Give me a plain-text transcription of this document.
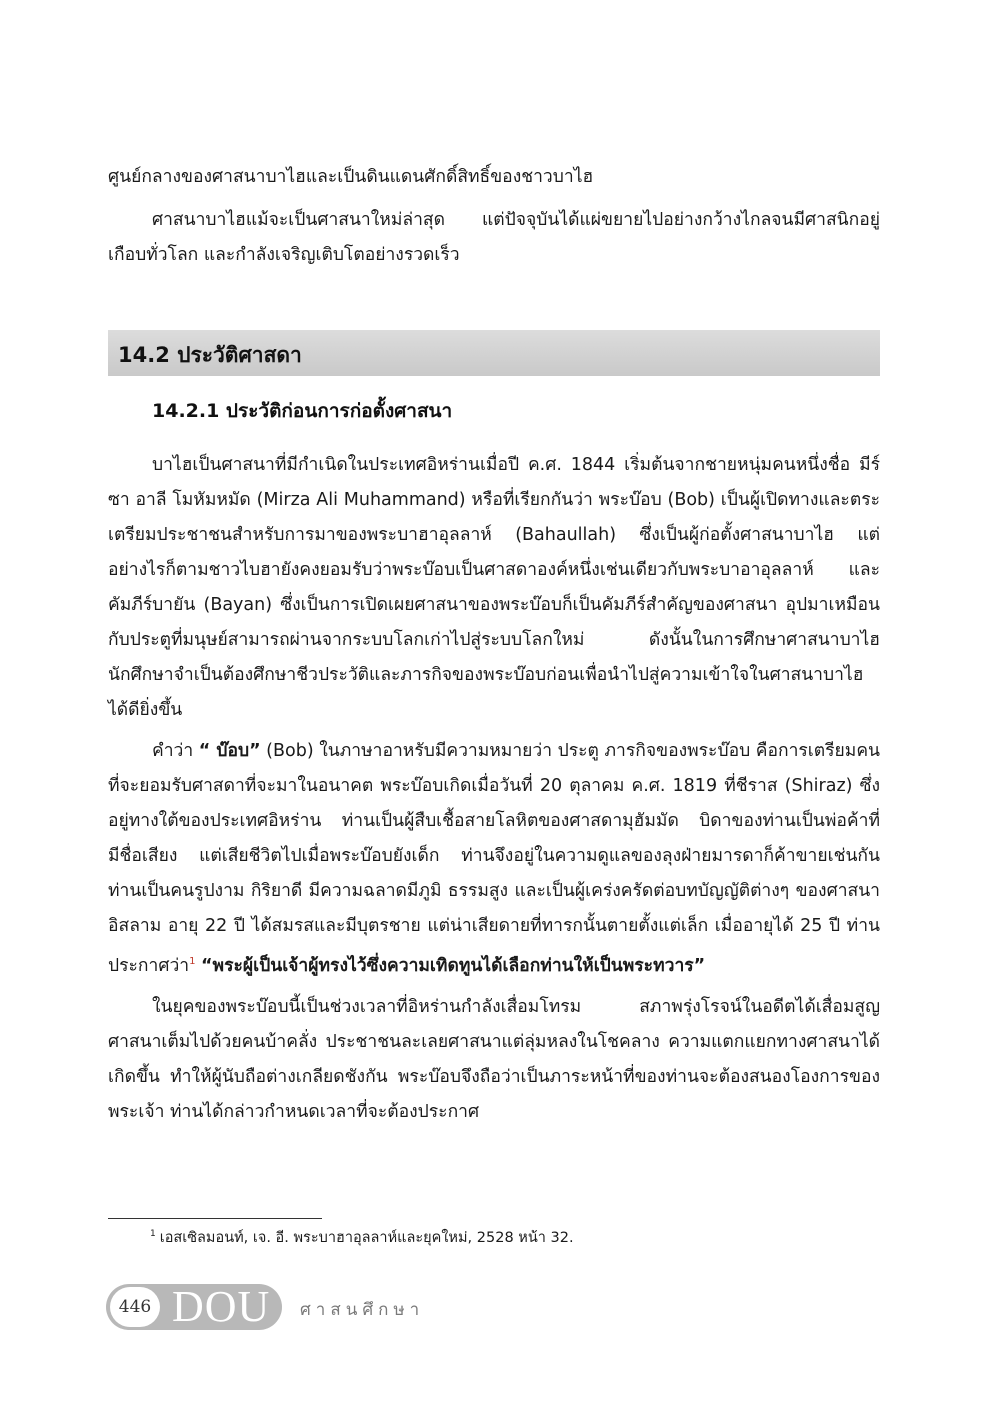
ศูนย์กลางของศาสนาบาไฮและเป็นดินแดนศักดิ์สิทธิ์ของชาวบาไฮ

ศาสนาบาไฮแม้จะเป็นศาสนาใหม่ล่าสุด แต่ปัจจุบันได้แผ่ขยายไปอย่างกว้างไกลจนมีศาสนิกอยู่เกือบทั่วโลก และกำลังเจริญเติบโตอย่างรวดเร็ว

14.2 ประวัติศาสดา
14.2.1 ประวัติก่อนการก่อตั้งศาสนา

บาไฮเป็นศาสนาที่มีกำเนิดในประเทศอิหร่านเมื่อปี ค.ศ. 1844 เริ่มต้นจากชายหนุ่มคนหนึ่งชื่อ มีร์ซา อาลี โมหัมหมัด (Mirza Ali Muhammand) หรือที่เรียกกันว่า พระบ๊อบ (Bob) เป็นผู้เปิดทางและตระเตรียมประชาชนสำหรับการมาของพระบาฮาอุลลาห์ (Bahaullah) ซึ่งเป็นผู้ก่อตั้งศาสนาบาไฮ แต่อย่างไรก็ตามชาวไบฮายังคงยอมรับว่าพระบ๊อบเป็นศาสดาองค์หนึ่งเช่นเดียวกับพระบาอาอุลลาห์ และคัมภีร์บายัน (Bayan) ซึ่งเป็นการเปิดเผยศาสนาของพระบ๊อบก็เป็นคัมภีร์สำคัญของศาสนา อุปมาเหมือนกับประตูที่มนุษย์สามารถผ่านจากระบบโลกเก่าไปสู่ระบบโลกใหม่ ดังนั้นในการศึกษาศาสนาบาไฮ นักศึกษาจำเป็นต้องศึกษาชีวประวัติและภารกิจของพระบ๊อบก่อนเพื่อนำไปสู่ความเข้าใจในศาสนาบาไฮได้ดียิ่งขึ้น

คำว่า “ บ๊อบ” (Bob) ในภาษาอาหรับมีความหมายว่า ประตู ภารกิจของพระบ๊อบ คือการเตรียมคนที่จะยอมรับศาสดาที่จะมาในอนาคต พระบ๊อบเกิดเมื่อวันที่ 20 ตุลาคม ค.ศ. 1819 ที่ชีราส (Shiraz) ซึ่งอยู่ทางใต้ของประเทศอิหร่าน ท่านเป็นผู้สืบเชื้อสายโลหิตของศาสดามุฮัมมัด บิดาของท่านเป็นพ่อค้าที่มีชื่อเสียง แต่เสียชีวิตไปเมื่อพระบ๊อบยังเด็ก ท่านจึงอยู่ในความดูแลของลุงฝ่ายมารดาก็ค้าขายเช่นกัน ท่านเป็นคนรูปงาม กิริยาดี มีความฉลาดมีภูมิ ธรรมสูง และเป็นผู้เคร่งครัดต่อบทบัญญัติต่างๆ ของศาสนาอิสลาม อายุ 22 ปี ได้สมรสและมีบุตรชาย แต่น่าเสียดายที่ทารกนั้นตายตั้งแต่เล็ก เมื่ออายุได้ 25 ปี ท่านประกาศว่า$^1$ “พระผู้เป็นเจ้าผู้ทรงไว้ซึ่งความเทิดทูนได้เลือกท่านให้เป็นพระทวาร”

ในยุคของพระบ๊อบนี้เป็นช่วงเวลาที่อิหร่านกำลังเสื่อมโทรม สภาพรุ่งโรจน์ในอดีตได้เสื่อมสูญ ศาสนาเต็มไปด้วยคนบ้าคลั่ง ประชาชนละเลยศาสนาแต่ลุ่มหลงในโชคลาง ความแตกแยกทางศาสนาได้เกิดขึ้น ทำให้ผู้นับถือต่างเกลียดชังกัน พระบ๊อบจึงถือว่าเป็นภาระหน้าที่ของท่านจะต้องสนองโองการของพระเจ้า ท่านได้กล่าวกำหนดเวลาที่จะต้องประกาศ

$^1$ เอสเซิลมอนท์, เจ. อี. พระบาฮาอุลลาห์และยุคใหม่, 2528 หน้า 32.
446 DOU ศาสนศึกษา
